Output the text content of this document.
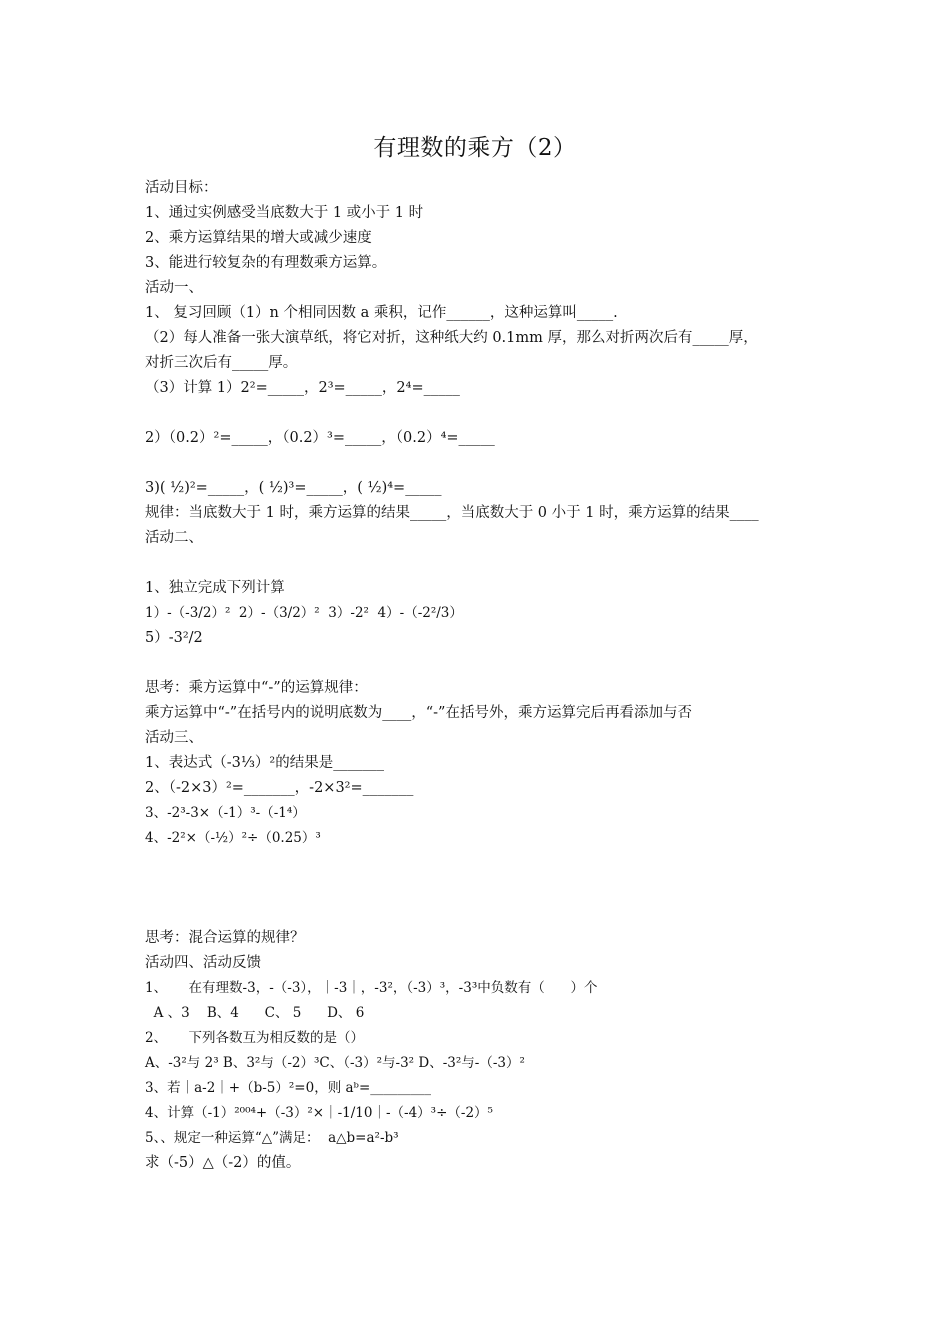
有理数的乘方（2）
活动目标：
1、通过实例感受当底数大于 1 或小于 1 时
2、乘方运算结果的增大或减少速度
3、能进行较复杂的有理数乘方运算。
活动一、
1、 复习回顾（1）n 个相同因数 a 乘积，记作______，这种运算叫_____.
（2）每人准备一张大演草纸，将它对折，这种纸大约 0.1mm 厚，那么对折两次后有_____厚，
对折三次后有_____厚。
（3）计算 1）2²=_____，2³=_____，2⁴=_____
2）（0.2）²=_____，（0.2）³=_____，（0.2）⁴=_____
3)( ½)²=_____，( ½)³=_____，( ½)⁴=_____
规律：当底数大于 1 时，乘方运算的结果_____，当底数大于 0 小于 1 时，乘方运算的结果____
活动二、
1、独立完成下列计算
1）-（-3/2）²  2）-（3/2）²  3）-2²  4）-（-2²/3）
5）-3²/2
思考：乘方运算中“-”的运算规律：
乘方运算中“-”在括号内的说明底数为____，“-”在括号外，乘方运算完后再看添加与否
活动三、
1、表达式（-3⅓）²的结果是_______
2、（-2×3）²=_______，-2×3²=_______
3、-2³-3×（-1）³-（-1⁴）
4、-2²×（-½）²÷（0.25）³
思考：混合运算的规律？
活动四、活动反馈
1、     在有理数-3，-（-3），｜-3｜，-3²，（-3）³，-3³中负数有（      ）个
A 、3    B、4      C、 5      D、 6
2、     下列各数互为相反数的是（）
A、-3²与 2³ B、3²与（-2）³C、（-3）²与-3² D、-3²与-（-3）²
3、若｜a-2｜+（b-5）²=0，则 aᵇ=_________
4、计算（-1）²⁰⁰⁴+（-3）²×｜-1/10｜-（-4）³÷（-2）⁵
5、、规定一种运算“△”满足：  a△b=a²-b³
求（-5）△（-2）的值。
